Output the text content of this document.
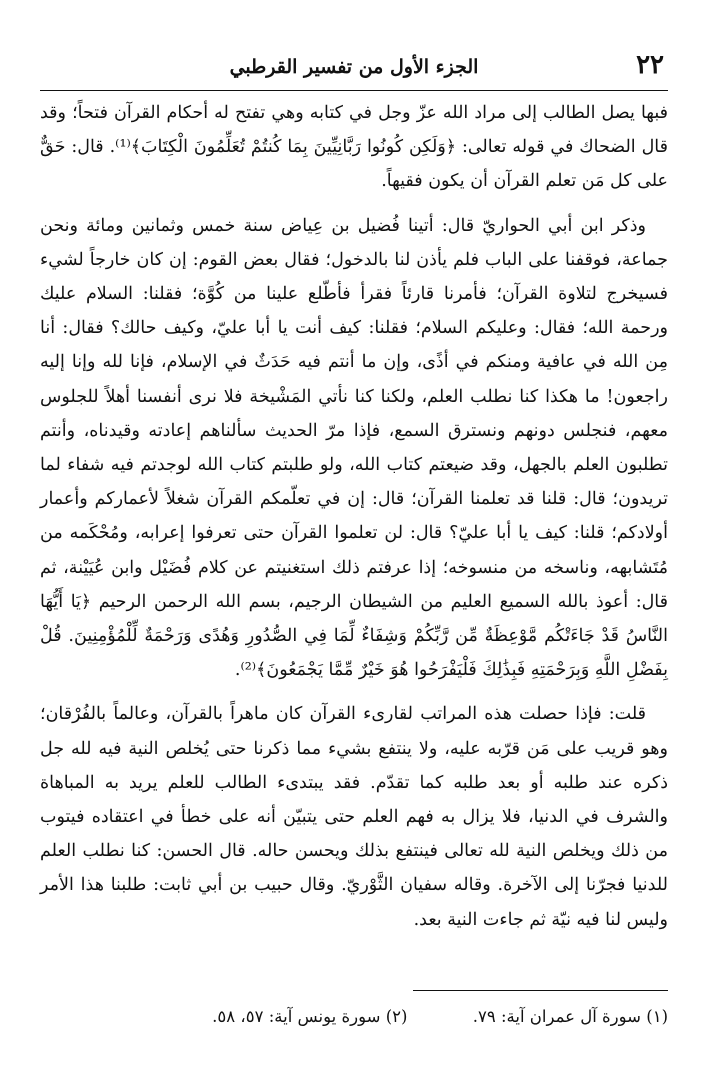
٢٢
الجزء الأول من تفسير القرطبي

فبها يصل الطالب إلى مراد الله عزّ وجل في كتابه وهي تفتح له أحكام القرآن فتحاً؛ وقد قال الضحاك في قوله تعالى: ﴿وَلَكِن كُونُوا رَبَّانِيِّينَ بِمَا كُنتُمْ تُعَلِّمُونَ الْكِتَابَ﴾⁽¹⁾. قال: حَقٌّ على كل مَن تعلم القرآن أن يكون فقيهاً.

وذكر ابن أبي الحواريّ قال: أتينا فُضيل بن عِياض سنة خمس وثمانين ومائة ونحن جماعة، فوقفنا على الباب فلم يأذن لنا بالدخول؛ فقال بعض القوم: إن كان خارجاً لشيء فسيخرج لتلاوة القرآن؛ فأمرنا قارئاً فقرأ فأطّلع علينا من كُوَّة؛ فقلنا: السلام عليك ورحمة الله؛ فقال: وعليكم السلام؛ فقلنا: كيف أنت يا أبا عليّ، وكيف حالك؟ فقال: أنا مِن الله في عافية ومنكم في أذًى، وإن ما أنتم فيه حَدَثٌ في الإسلام، فإنا لله وإنا إليه راجعون! ما هكذا كنا نطلب العلم، ولكنا كنا نأتي المَشْيخة فلا نرى أنفسنا أهلاً للجلوس معهم، فنجلس دونهم ونسترق السمع، فإذا مرّ الحديث سألناهم إعادته وقيدناه، وأنتم تطلبون العلم بالجهل، وقد ضيعتم كتاب الله، ولو طلبتم كتاب الله لوجدتم فيه شفاء لما تريدون؛ قال: قلنا قد تعلمنا القرآن؛ قال: إن في تعلّمكم القرآن شغلاً لأعماركم وأعمار أولادكم؛ قلنا: كيف يا أبا عليّ؟ قال: لن تعلموا القرآن حتى تعرفوا إعرابه، ومُحْكَمه من مُتَشابهه، وناسخه من منسوخه؛ إذا عرفتم ذلك استغنيتم عن كلام فُضَيْل وابن عُيَيْنة، ثم قال: أعوذ بالله السميع العليم من الشيطان الرجيم، بسم الله الرحمن الرحيم ﴿يَا أَيُّهَا النَّاسُ قَدْ جَاءَتْكُم مَّوْعِظَةٌ مِّن رَّبِّكُمْ وَشِفَاءٌ لِّمَا فِي الصُّدُورِ وَهُدًى وَرَحْمَةٌ لِّلْمُؤْمِنِينَ. قُلْ بِفَضْلِ اللَّهِ وَبِرَحْمَتِهِ فَبِذَٰلِكَ فَلْيَفْرَحُوا هُوَ خَيْرٌ مِّمَّا يَجْمَعُونَ﴾⁽²⁾.

قلت: فإذا حصلت هذه المراتب لقارىء القرآن كان ماهراً بالقرآن، وعالماً بالفُرْقان؛ وهو قريب على مَن قرّبه عليه، ولا ينتفع بشيء مما ذكرنا حتى يُخلص النية فيه لله جل ذكره عند طلبه أو بعد طلبه كما تقدّم. فقد يبتدىء الطالب للعلم يريد به المباهاة والشرف في الدنيا، فلا يزال به فهم العلم حتى يتبيّن أنه على خطأ في اعتقاده فيتوب من ذلك ويخلص النية لله تعالى فينتفع بذلك ويحسن حاله. قال الحسن: كنا نطلب العلم للدنيا فجرّنا إلى الآخرة. وقاله سفيان الثَّوْريّ. وقال حبيب بن أبي ثابت: طلبنا هذا الأمر وليس لنا فيه نيّة ثم جاءت النية بعد.

(١) سورة آل عمران آية: ٧٩. (٢) سورة يونس آية: ٥٧، ٥٨.
